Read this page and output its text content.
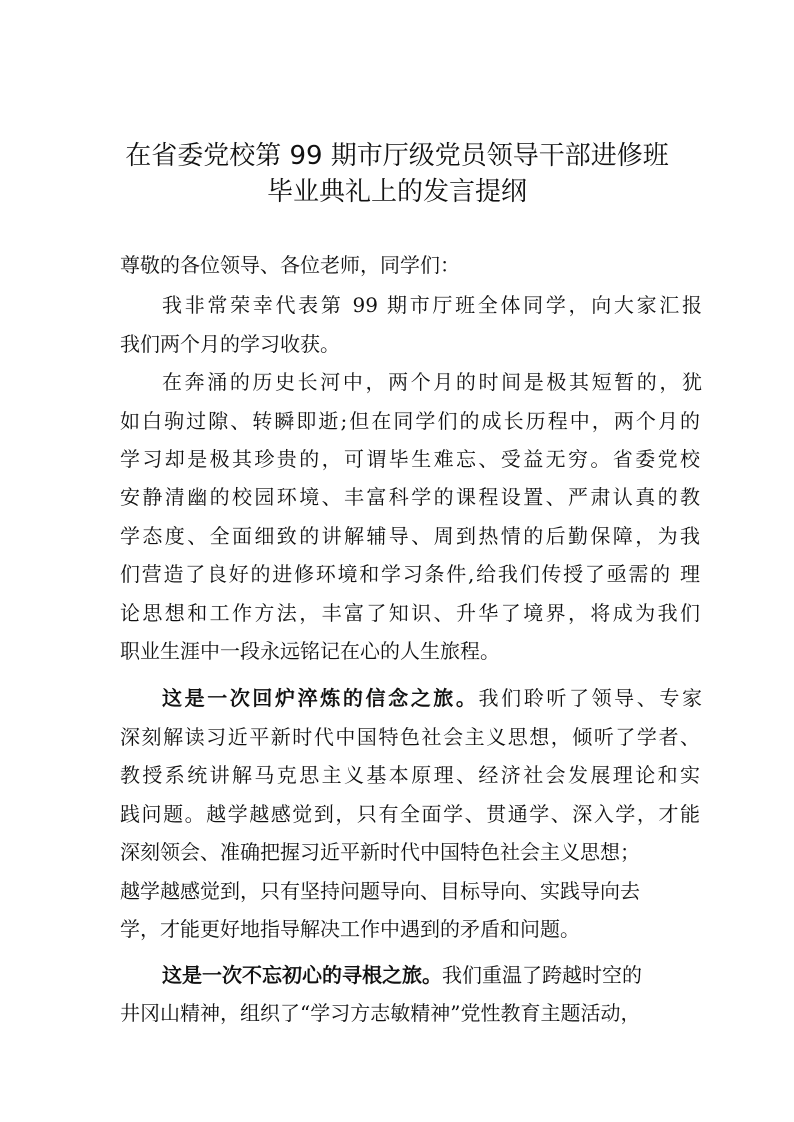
在省委党校第 99 期市厅级党员领导干部进修班
毕业典礼上的发言提纲
尊敬的各位领导、各位老师，同学们：
我非常荣幸代表第 99 期市厅班全体同学，向大家汇报
我们两个月的学习收获。
在奔涌的历史长河中，两个月的时间是极其短暂的，犹
如白驹过隙、转瞬即逝;但在同学们的成长历程中，两个月的
学习却是极其珍贵的，可谓毕生难忘、受益无穷。省委党校
安静清幽的校园环境、丰富科学的课程设置、严肃认真的教
学态度、全面细致的讲解辅导、周到热情的后勤保障，为我
们营造了良好的进修环境和学习条件,给我们传授了亟需的 理
论思想和工作方法，丰富了知识、升华了境界，将成为我们
职业生涯中一段永远铭记在心的人生旅程。
这是一次回炉淬炼的信念之旅。我们聆听了领导、专家
深刻解读习近平新时代中国特色社会主义思想，倾听了学者、
教授系统讲解马克思主义基本原理、经济社会发展理论和实
践问题。越学越感觉到，只有全面学、贯通学、深入学，才能
深刻领会、准确把握习近平新时代中国特色社会主义思想；
越学越感觉到，只有坚持问题导向、目标导向、实践导向去
学，才能更好地指导解决工作中遇到的矛盾和问题。
这是一次不忘初心的寻根之旅。我们重温了跨越时空的
井冈山精神，组织了“学习方志敏精神”党性教育主题活动，
